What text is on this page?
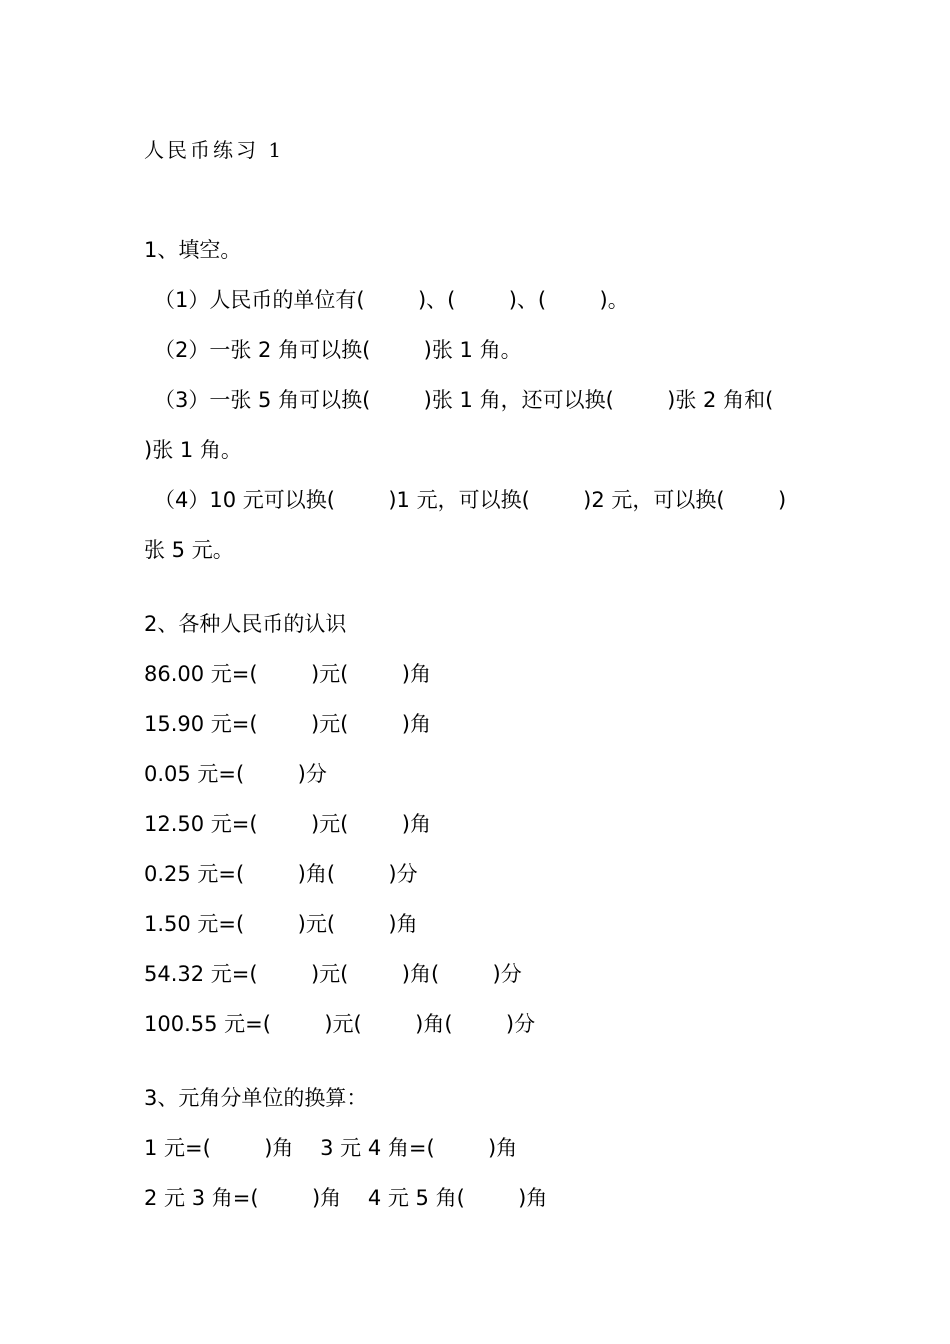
人民币练习 1
1、填空。
（1）人民币的单位有(        )、(        )、(        )。
（2）一张 2 角可以换(        )张 1 角。
（3）一张 5 角可以换(        )张 1 角，还可以换(        )张 2 角和(
)张 1 角。
（4）10 元可以换(        )1 元，可以换(        )2 元，可以换(        )
张 5 元。
2、各种人民币的认识
86.00 元=(        )元(        )角
15.90 元=(        )元(        )角
0.05 元=(        )分
12.50 元=(        )元(        )角
0.25 元=(        )角(        )分
1.50 元=(        )元(        )角
54.32 元=(        )元(        )角(        )分
100.55 元=(        )元(        )角(        )分
3、元角分单位的换算：
1 元=(        )角    3 元 4 角=(        )角
2 元 3 角=(        )角    4 元 5 角(        )角
